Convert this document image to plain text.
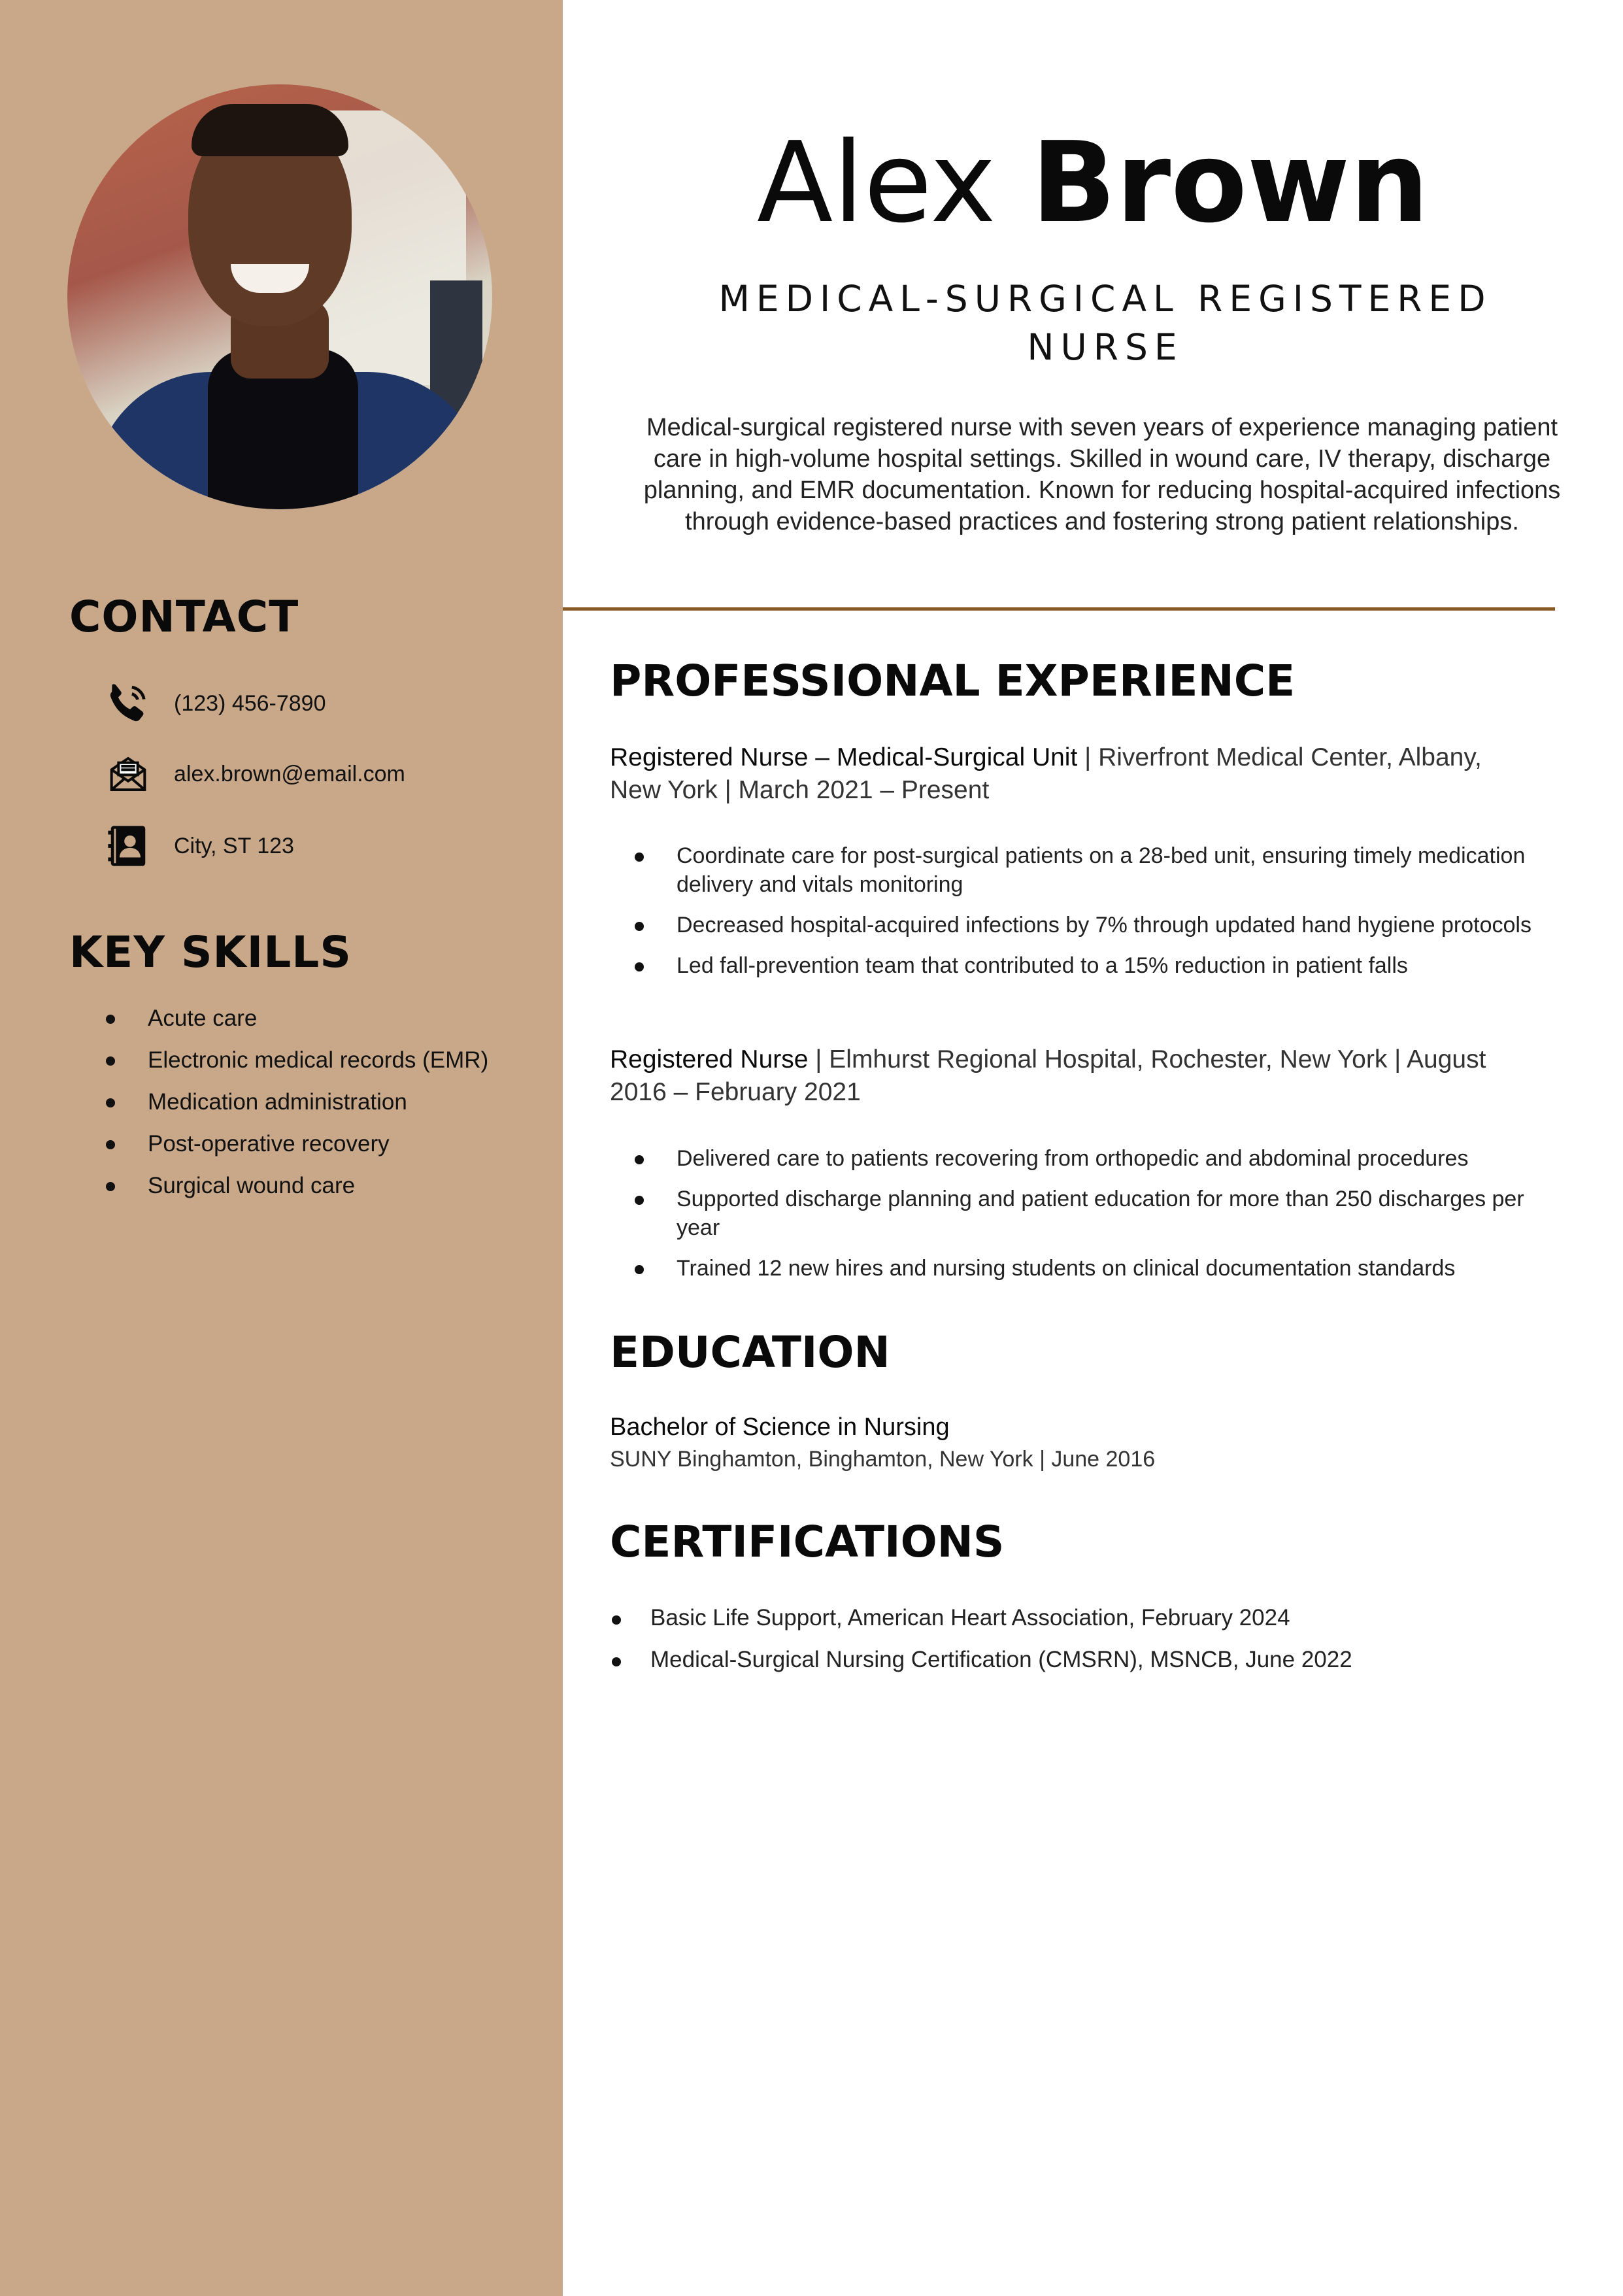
CONTACT
(123) 456-7890
alex.brown@email.com
City, ST 123
KEY SKILLS
Acute care
Electronic medical records (EMR)
Medication administration
Post-operative recovery
Surgical wound care
Alex Brown
MEDICAL-SURGICAL REGISTERED NURSE
Medical-surgical registered nurse with seven years of experience managing patient care in high-volume hospital settings. Skilled in wound care, IV therapy, discharge planning, and EMR documentation. Known for reducing hospital-acquired infections through evidence-based practices and fostering strong patient relationships.
PROFESSIONAL EXPERIENCE
Registered Nurse – Medical-Surgical Unit | Riverfront Medical Center, Albany, New York | March 2021 – Present
Coordinate care for post-surgical patients on a 28-bed unit, ensuring timely medication delivery and vitals monitoring
Decreased hospital-acquired infections by 7% through updated hand hygiene protocols
Led fall-prevention team that contributed to a 15% reduction in patient falls
Registered Nurse | Elmhurst Regional Hospital, Rochester, New York | August 2016 – February 2021
Delivered care to patients recovering from orthopedic and abdominal procedures
Supported discharge planning and patient education for more than 250 discharges per year
Trained 12 new hires and nursing students on clinical documentation standards
EDUCATION
Bachelor of Science in Nursing
SUNY Binghamton, Binghamton, New York | June 2016
CERTIFICATIONS
Basic Life Support, American Heart Association, February 2024
Medical-Surgical Nursing Certification (CMSRN), MSNCB, June 2022
